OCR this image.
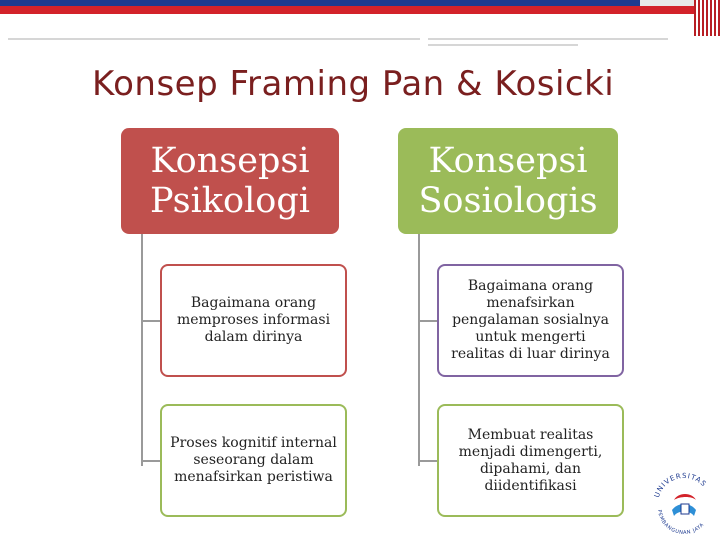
Konsep Framing Pan & Kosicki
Konsepsi Psikologi
Bagaimana orang memproses informasi dalam dirinya
Proses kognitif internal seseorang dalam menafsirkan peristiwa
Konsepsi Sosiologis
Bagaimana orang menafsirkan pengalaman sosialnya untuk mengerti realitas di luar dirinya
Membuat realitas menjadi dimengerti, dipahami, dan diidentifikasi
UNIVERSITAS
PEMBANGUNAN JAYA
